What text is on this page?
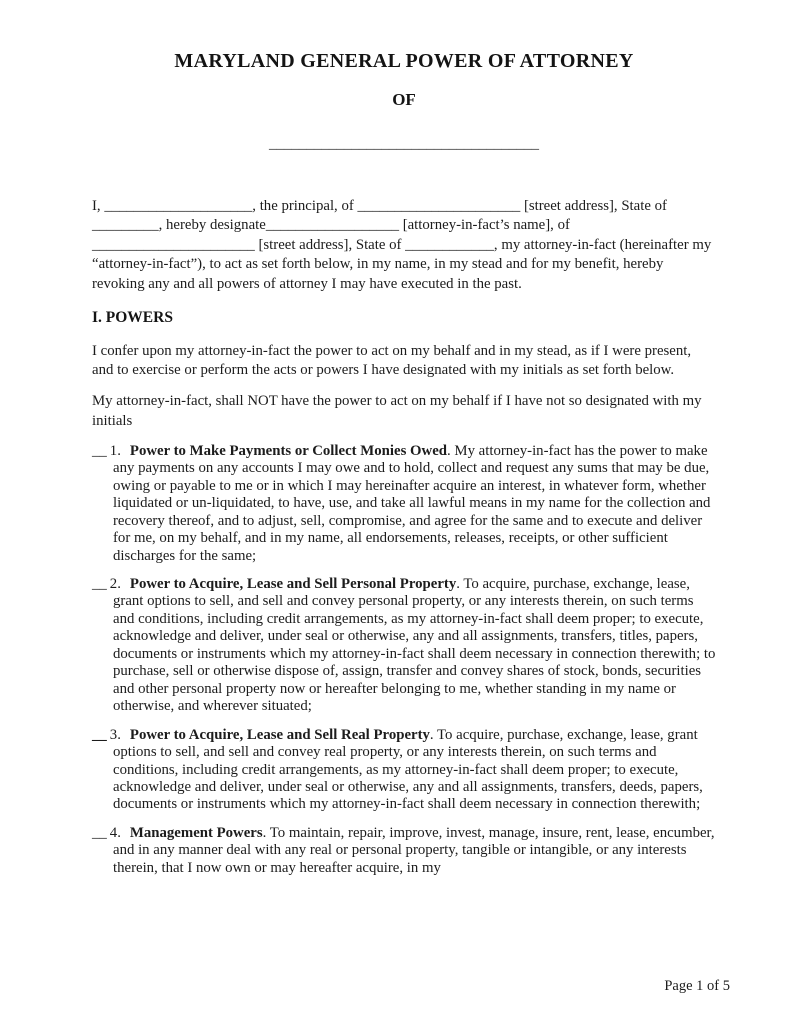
MARYLAND GENERAL POWER OF ATTORNEY
OF
____________________________________

I, ____________________, the principal, of ______________________ [street address], State of _________, hereby designate__________________ [attorney-in-fact’s name], of ______________________ [street address], State of ____________, my attorney-in-fact (hereinafter my “attorney-in-fact”), to act as set forth below, in my name, in my stead and for my benefit, hereby revoking any and all powers of attorney I may have executed in the past.

I. POWERS

I confer upon my attorney-in-fact the power to act on my behalf and in my stead, as if I were present, and to exercise or perform the acts or powers I have designated with my initials as set forth below.

My attorney-in-fact, shall NOT have the power to act on my behalf if I have not so designated with my initials

__ 1. Power to Make Payments or Collect Monies Owed. My attorney-in-fact has the power to make any payments on any accounts I may owe and to hold, collect and request any sums that may be due, owing or payable to me or in which I may hereinafter acquire an interest, in whatever form, whether liquidated or un-liquidated, to have, use, and take all lawful means in my name for the collection and recovery thereof, and to adjust, sell, compromise, and agree for the same and to execute and deliver for me, on my behalf, and in my name, all endorsements, releases, receipts, or other sufficient discharges for the same;
__ 2. Power to Acquire, Lease and Sell Personal Property. To acquire, purchase, exchange, lease, grant options to sell, and sell and convey personal property, or any interests therein, on such terms and conditions, including credit arrangements, as my attorney-in-fact shall deem proper; to execute, acknowledge and deliver, under seal or otherwise, any and all assignments, transfers, titles, papers, documents or instruments which my attorney-in-fact shall deem necessary in connection therewith; to purchase, sell or otherwise dispose of, assign, transfer and convey shares of stock, bonds, securities and other personal property now or hereafter belonging to me, whether standing in my name or otherwise, and wherever situated;
__ 3. Power to Acquire, Lease and Sell Real Property. To acquire, purchase, exchange, lease, grant options to sell, and sell and convey real property, or any interests therein, on such terms and conditions, including credit arrangements, as my attorney-in-fact shall deem proper; to execute, acknowledge and deliver, under seal or otherwise, any and all assignments, transfers, deeds, papers, documents or instruments which my attorney-in-fact shall deem necessary in connection therewith;
__ 4. Management Powers. To maintain, repair, improve, invest, manage, insure, rent, lease, encumber, and in any manner deal with any real or personal property, tangible or intangible, or any interests therein, that I now own or may hereafter acquire, in my
Page 1 of 5
